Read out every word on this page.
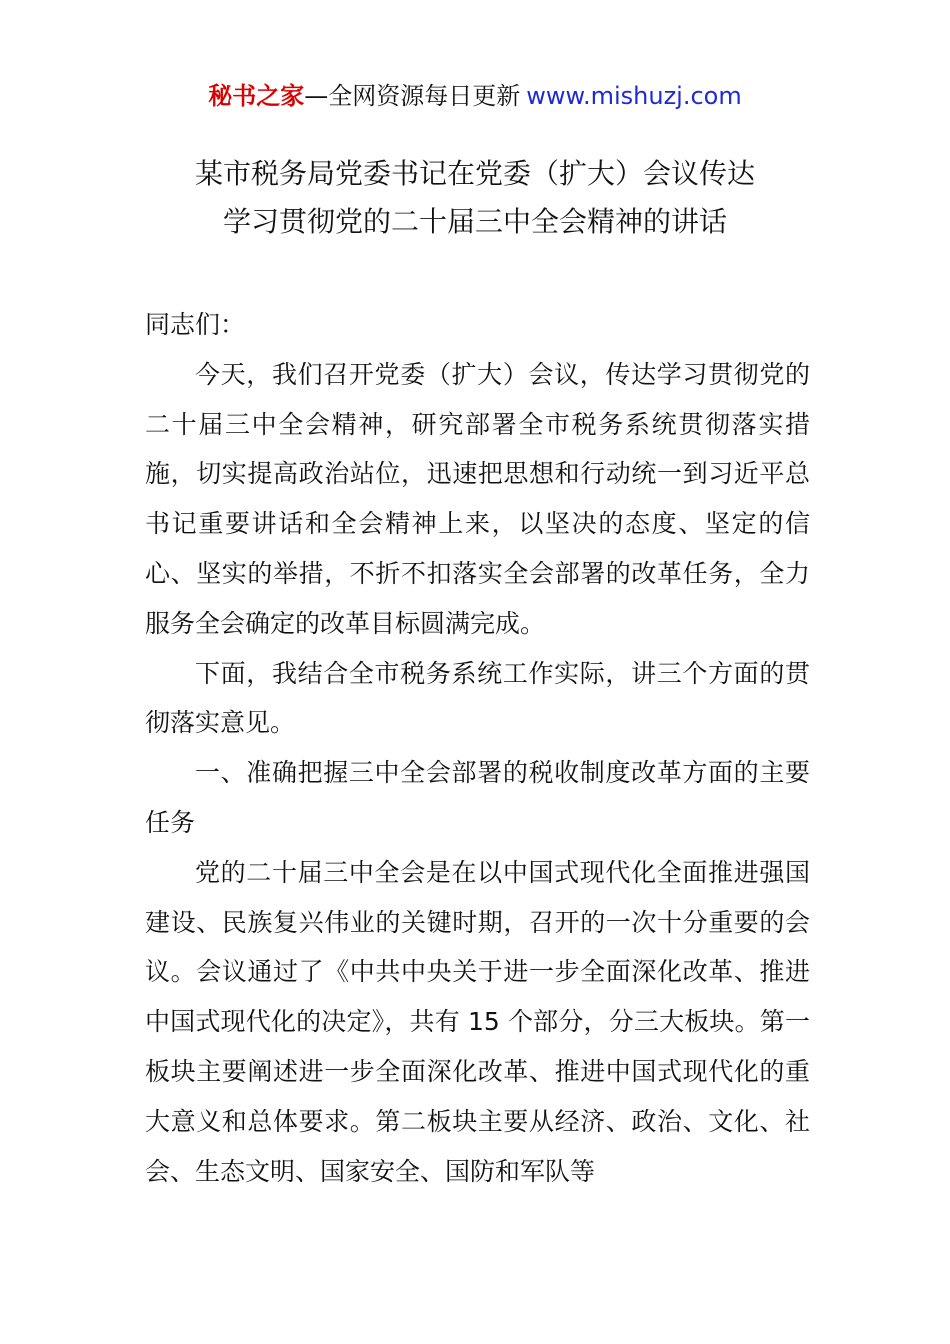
秘书之家—全网资源每日更新 www.mishuzj.com
某市税务局党委书记在党委（扩大）会议传达
学习贯彻党的二十届三中全会精神的讲话

同志们：

今天，我们召开党委（扩大）会议，传达学习贯彻党的二十届三中全会精神，研究部署全市税务系统贯彻落实措施，切实提高政治站位，迅速把思想和行动统一到习近平总书记重要讲话和全会精神上来，以坚决的态度、坚定的信心、坚实的举措，不折不扣落实全会部署的改革任务，全力服务全会确定的改革目标圆满完成。

下面，我结合全市税务系统工作实际，讲三个方面的贯彻落实意见。

一、准确把握三中全会部署的税收制度改革方面的主要任务

党的二十届三中全会是在以中国式现代化全面推进强国建设、民族复兴伟业的关键时期，召开的一次十分重要的会议。会议通过了《中共中央关于进一步全面深化改革、推进中国式现代化的决定》，共有 15 个部分，分三大板块。第一板块主要阐述进一步全面深化改革、推进中国式现代化的重大意义和总体要求。第二板块主要从经济、政治、文化、社会、生态文明、国家安全、国防和军队等
